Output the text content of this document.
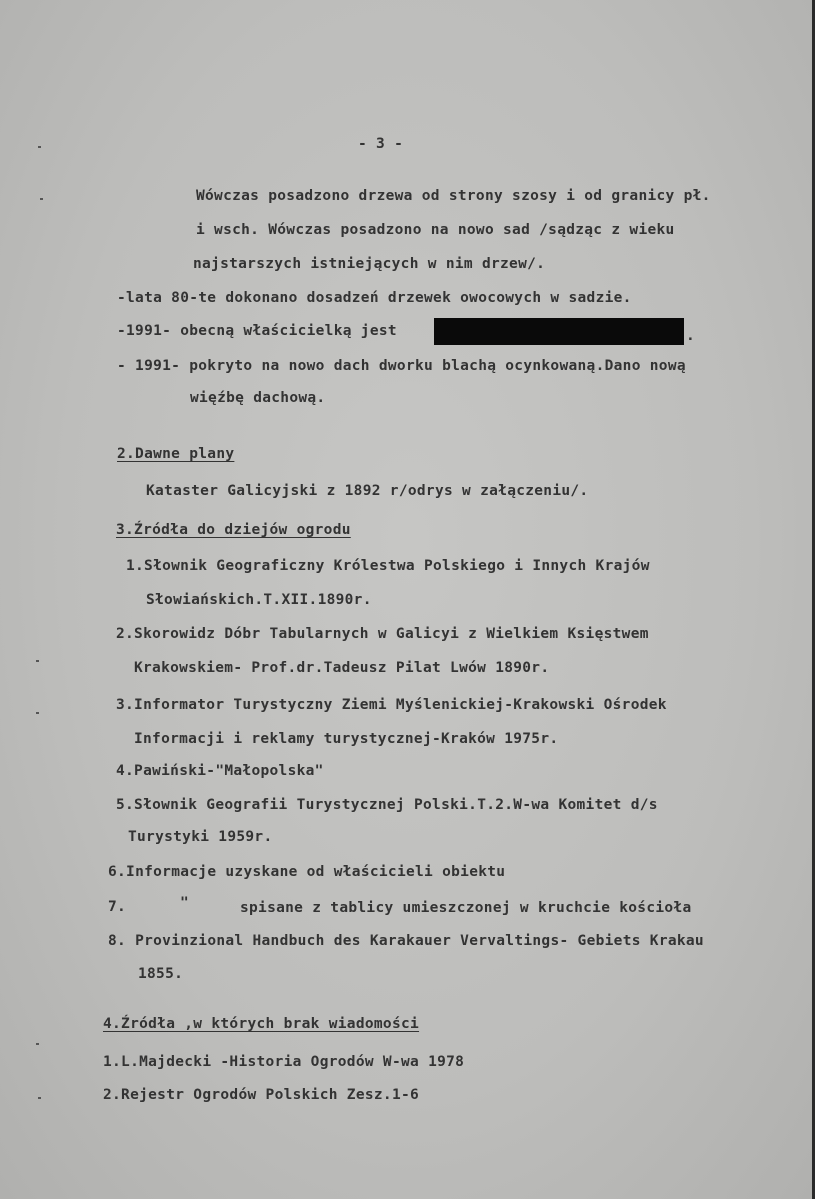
- 3 -
Wówczas posadzono drzewa od strony szosy i od granicy pł.
i wsch. Wówczas posadzono na nowo sad /sądząc z wieku
najstarszych istniejących w nim drzew/.
-lata 80-te dokonano dosadzeń drzewek owocowych w sadzie.
-1991- obecną właścicielką jest	.
- 1991- pokryto na nowo dach dworku blachą ocynkowaną.Dano nową
więźbę dachową.
2.Dawne plany
Kataster Galicyjski z 1892 r/odrys w załączeniu/.
3.Źródła do dziejów ogrodu
1.Słownik Geograficzny Królestwa Polskiego i Innych Krajów
Słowiańskich.T.XII.1890r.
2.Skorowidz Dóbr Tabularnych w Galicyi z Wielkiem Księstwem
Krakowskiem- Prof.dr.Tadeusz Pilat Lwów 1890r.
3.Informator Turystyczny Ziemi Myślenickiej-Krakowski Ośrodek
Informacji i reklamy turystycznej-Kraków 1975r.
4.Pawiński-"Małopolska"
5.Słownik Geografii Turystycznej Polski.T.2.W-wa Komitet d/s
Turystyki 1959r.
6.Informacje uzyskane od właścicieli obiektu
7.	"	spisane z tablicy umieszczonej w kruchcie kościoła
8. Provinzional Handbuch des Karakauer Vervaltings- Gebiets Krakau
1855.
4.Źródła ,w których brak wiadomości
1.L.Majdecki -Historia Ogrodów W-wa 1978
2.Rejestr Ogrodów Polskich Zesz.1-6
